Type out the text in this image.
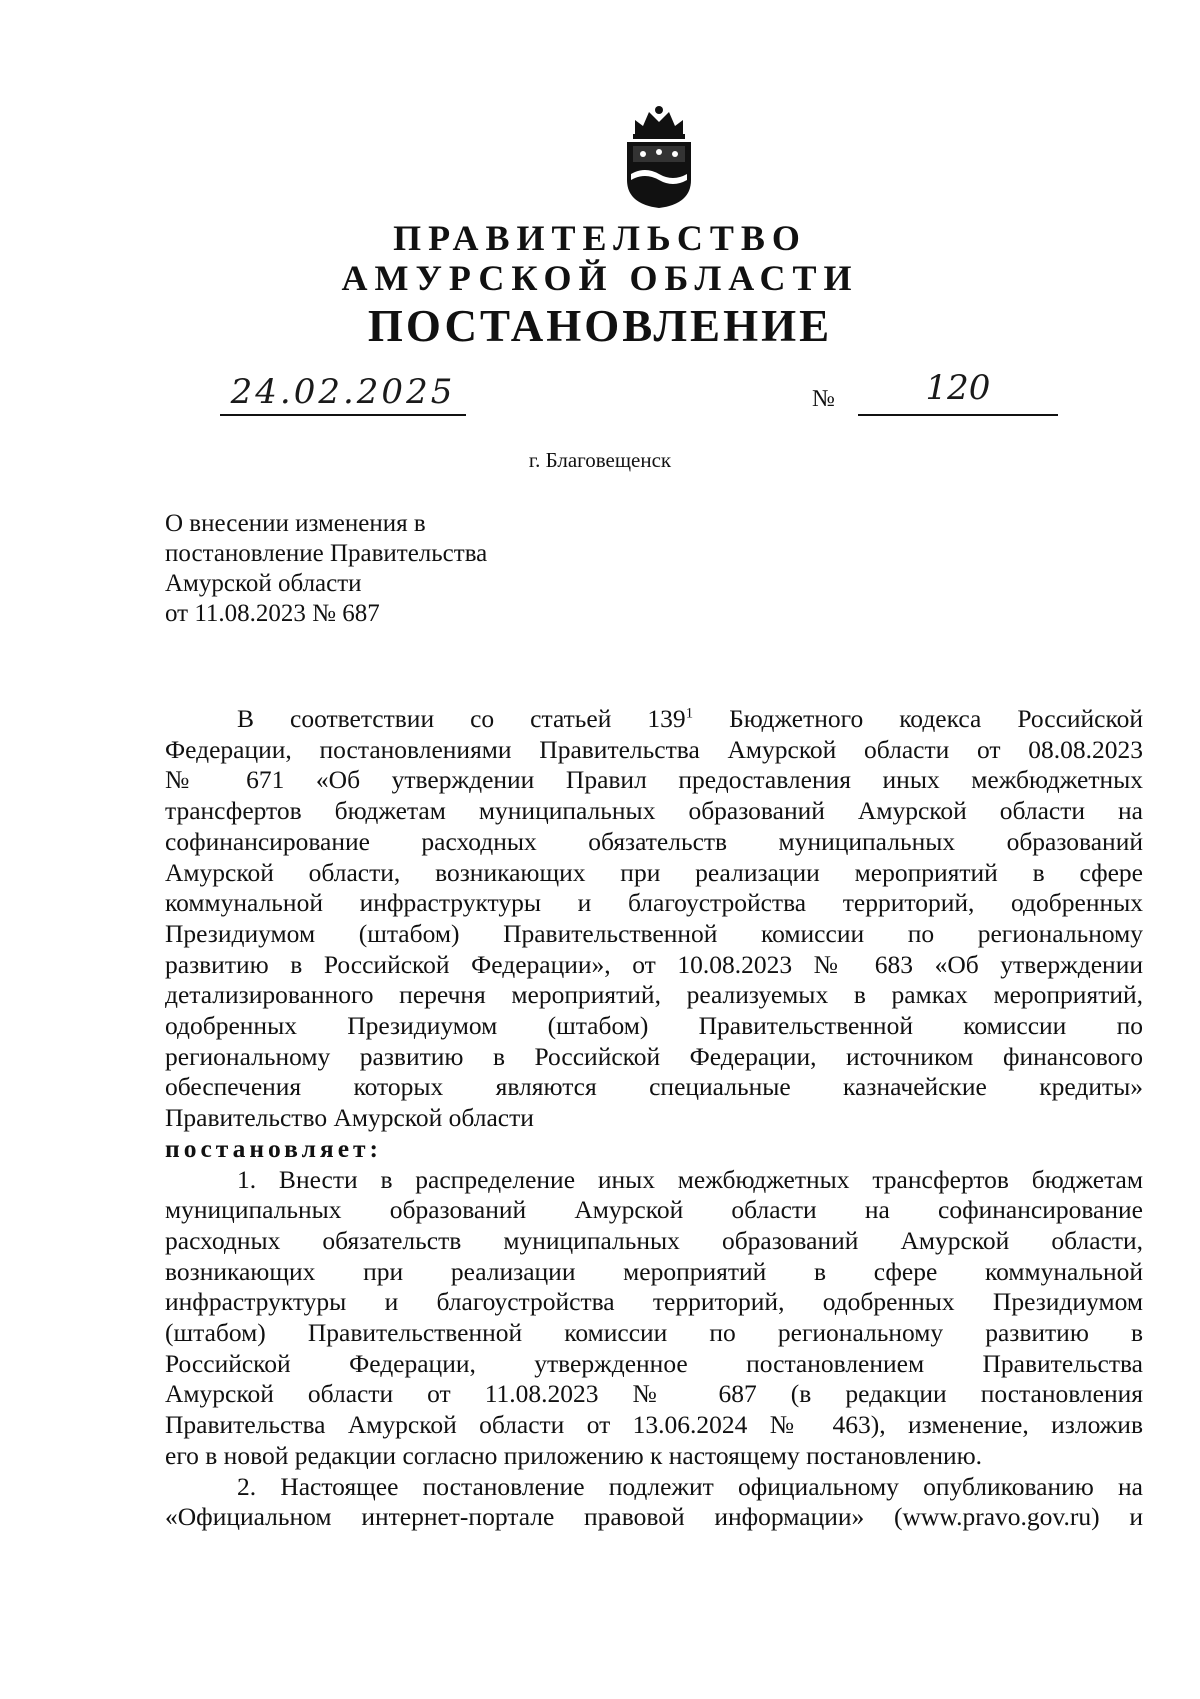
ПРАВИТЕЛЬСТВО
АМУРСКОЙ ОБЛАСТИ
ПОСТАНОВЛЕНИЕ
24.02.2025	№	120
г. Благовещенск
О внесении изменения в
постановление Правительства
Амурской области
от 11.08.2023 № 687
В соответствии со статьей $139^1$ Бюджетного кодекса Российской
Федерации, постановлениями Правительства Амурской области от 08.08.2023
№ 671 «Об утверждении Правил предоставления иных межбюджетных
трансфертов бюджетам муниципальных образований Амурской области на
софинансирование расходных обязательств муниципальных образований
Амурской области, возникающих при реализации мероприятий в сфере
коммунальной инфраструктуры и благоустройства территорий, одобренных
Президиумом (штабом) Правительственной комиссии по региональному
развитию в Российской Федерации», от 10.08.2023 № 683 «Об утверждении
детализированного перечня мероприятий, реализуемых в рамках мероприятий,
одобренных Президиумом (штабом) Правительственной комиссии по
региональному развитию в Российской Федерации, источником финансового
обеспечения которых являются специальные казначейские кредиты»
Правительство Амурской области
постановляет:
1. Внести в распределение иных межбюджетных трансфертов бюджетам
муниципальных образований Амурской области на софинансирование
расходных обязательств муниципальных образований Амурской области,
возникающих при реализации мероприятий в сфере коммунальной
инфраструктуры и благоустройства территорий, одобренных Президиумом
(штабом) Правительственной комиссии по региональному развитию в
Российской Федерации, утвержденное постановлением Правительства
Амурской области от 11.08.2023 № 687 (в редакции постановления
Правительства Амурской области от 13.06.2024 № 463), изменение, изложив
его в новой редакции согласно приложению к настоящему постановлению.
2. Настоящее постановление подлежит официальному опубликованию на
«Официальном интернет-портале правовой информации» (www.pravo.gov.ru) и
